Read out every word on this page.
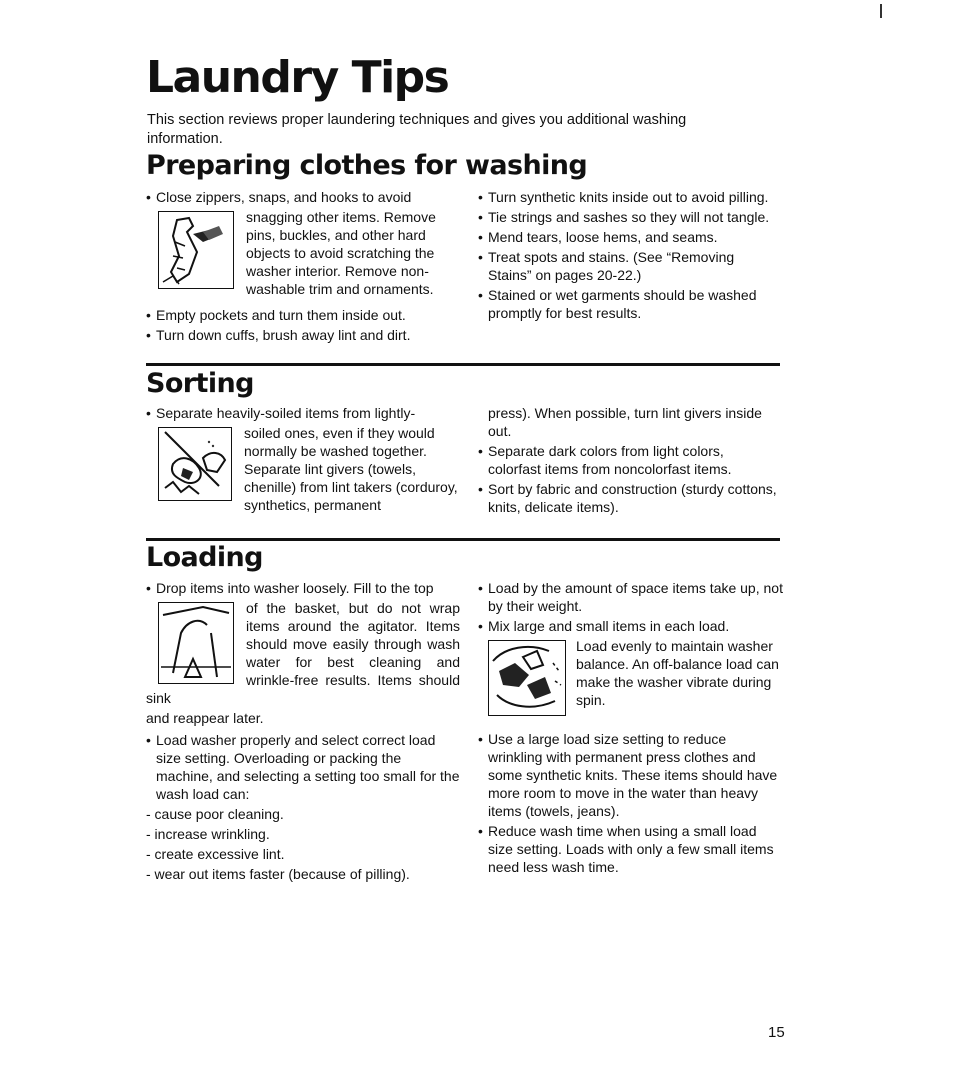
Laundry Tips

This section reviews proper laundering techniques and gives you additional washing information.

Preparing clothes for washing

• Close zippers, snaps, and hooks to avoid

snagging other items. Remove pins, buckles, and other hard objects to avoid scratching the washer interior. Remove non-washable trim and ornaments.

• Empty pockets and turn them inside out.

• Turn down cuffs, brush away lint and dirt.

• Turn synthetic knits inside out to avoid pilling.

• Tie strings and sashes so they will not tangle.

• Mend tears, loose hems, and seams.

• Treat spots and stains. (See “Removing Stains” on pages 20-22.)

• Stained or wet garments should be washed promptly for best results.

Sorting

• Separate heavily-soiled items from lightly-

soiled ones, even if they would normally be washed together. Separate lint givers (towels, chenille) from lint takers (corduroy, synthetics, permanent

press). When possible, turn lint givers inside out.

• Separate dark colors from light colors, colorfast items from noncolorfast items.

• Sort by fabric and construction (sturdy cottons, knits, delicate items).

Loading

• Drop items into washer loosely. Fill to the top

of the basket, but do not wrap items around the agitator. Items should move easily through wash water for best cleaning and wrinkle-free results. Items should sink

and reappear later.

• Load washer properly and select correct load size setting. Overloading or packing the machine, and selecting a setting too small for the wash load can:

- cause poor cleaning.

- increase wrinkling.

- create excessive lint.

- wear out items faster (because of pilling).

• Load by the amount of space items take up, not by their weight.

• Mix large and small items in each load.

Load evenly to maintain washer balance. An off-balance load can make the washer vibrate during spin.

• Use a large load size setting to reduce wrinkling with permanent press clothes and some synthetic knits. These items should have more room to move in the water than heavy items (towels, jeans).

• Reduce wash time when using a small load size setting. Loads with only a few small items need less wash time.

15
